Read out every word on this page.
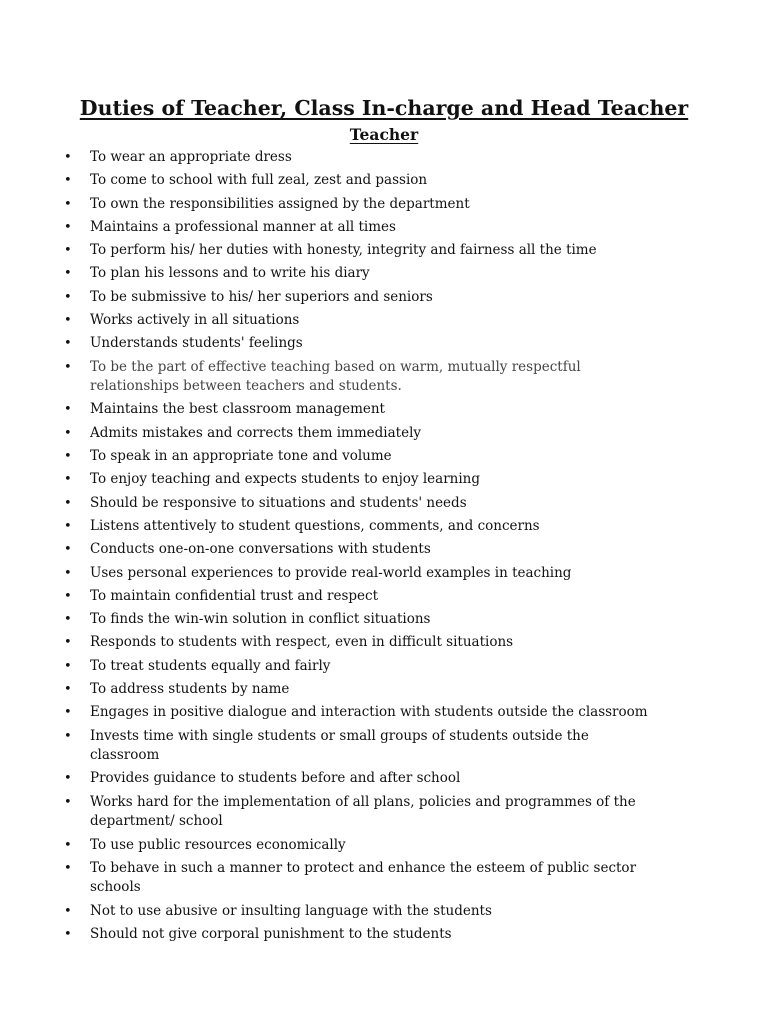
Duties of Teacher, Class In-charge and Head Teacher
Teacher
• To wear an appropriate dress
• To come to school with full zeal, zest and passion
• To own the responsibilities assigned by the department
• Maintains a professional manner at all times
• To perform his/ her duties with honesty, integrity and fairness all the time
• To plan his lessons and to write his diary
• To be submissive to his/ her superiors and seniors
• Works actively in all situations
• Understands students' feelings
• To be the part of effective teaching based on warm, mutually respectful relationships between teachers and students.
• Maintains the best classroom management
• Admits mistakes and corrects them immediately
• To speak in an appropriate tone and volume
• To enjoy teaching and expects students to enjoy learning
• Should be responsive to situations and students' needs
• Listens attentively to student questions, comments, and concerns
• Conducts one-on-one conversations with students
• Uses personal experiences to provide real-world examples in teaching
• To maintain confidential trust and respect
• To finds the win-win solution in conflict situations
• Responds to students with respect, even in difficult situations
• To treat students equally and fairly
• To address students by name
• Engages in positive dialogue and interaction with students outside the classroom
• Invests time with single students or small groups of students outside the classroom
• Provides guidance to students before and after school
• Works hard for the implementation of all plans, policies and programmes of the department/ school
• To use public resources economically
• To behave in such a manner to protect and enhance the esteem of public sector schools
• Not to use abusive or insulting language with the students
• Should not give corporal punishment to the students
